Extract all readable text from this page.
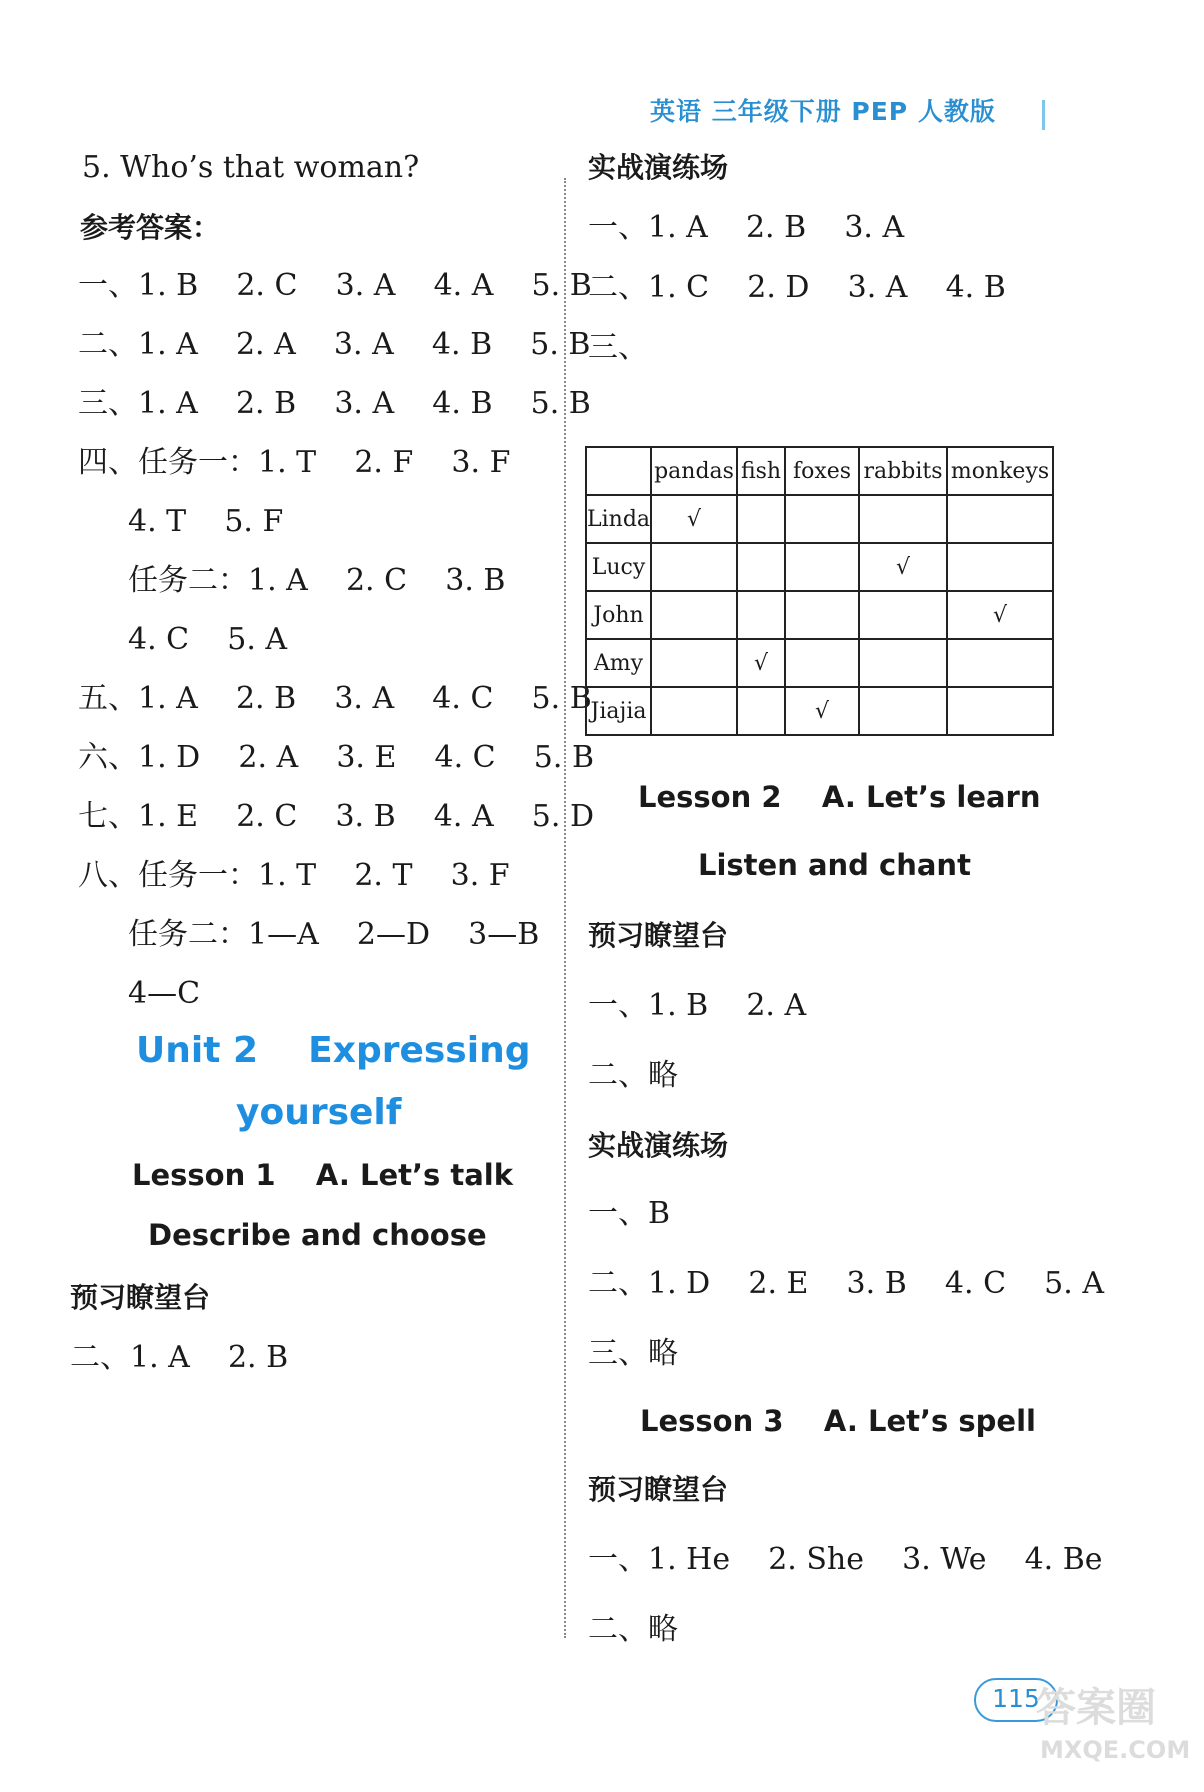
英语 三年级下册 PEP 人教版
5. Who’s that woman?
参考答案：
一、1. B    2. C    3. A    4. A    5. B
二、1. A    2. A    3. A    4. B    5. B
三、1. A    2. B    3. A    4. B    5. B
四、任务一：1. T    2. F    3. F
4. T    5. F
任务二：1. A    2. C    3. B
4. C    5. A
五、1. A    2. B    3. A    4. C    5. B
六、1. D    2. A    3. E    4. C    5. B
七、1. E    2. C    3. B    4. A    5. D
八、任务一：1. T    2. T    3. F
任务二：1—A    2—D    3—B
4—C
Unit 2    Expressing
yourself
Lesson 1    A. Let’s talk
Describe and choose
预习瞭望台
二、1. A    2. B
实战演练场
一、1. A    2. B    3. A
二、1. C    2. D    3. A    4. B
三、
	pandas	fish	foxes	rabbits	monkeys
Linda	√				
Lucy				√	
John					√
Amy		√			
Jiajia			√		
Lesson 2    A. Let’s learn
Listen and chant
预习瞭望台
一、1. B    2. A
二、略
实战演练场
一、B
二、1. D    2. E    3. B    4. C    5. A
三、略
Lesson 3    A. Let’s spell
预习瞭望台
一、1. He    2. She    3. We    4. Be
二、略
115
答案圈
MXQE.COM
